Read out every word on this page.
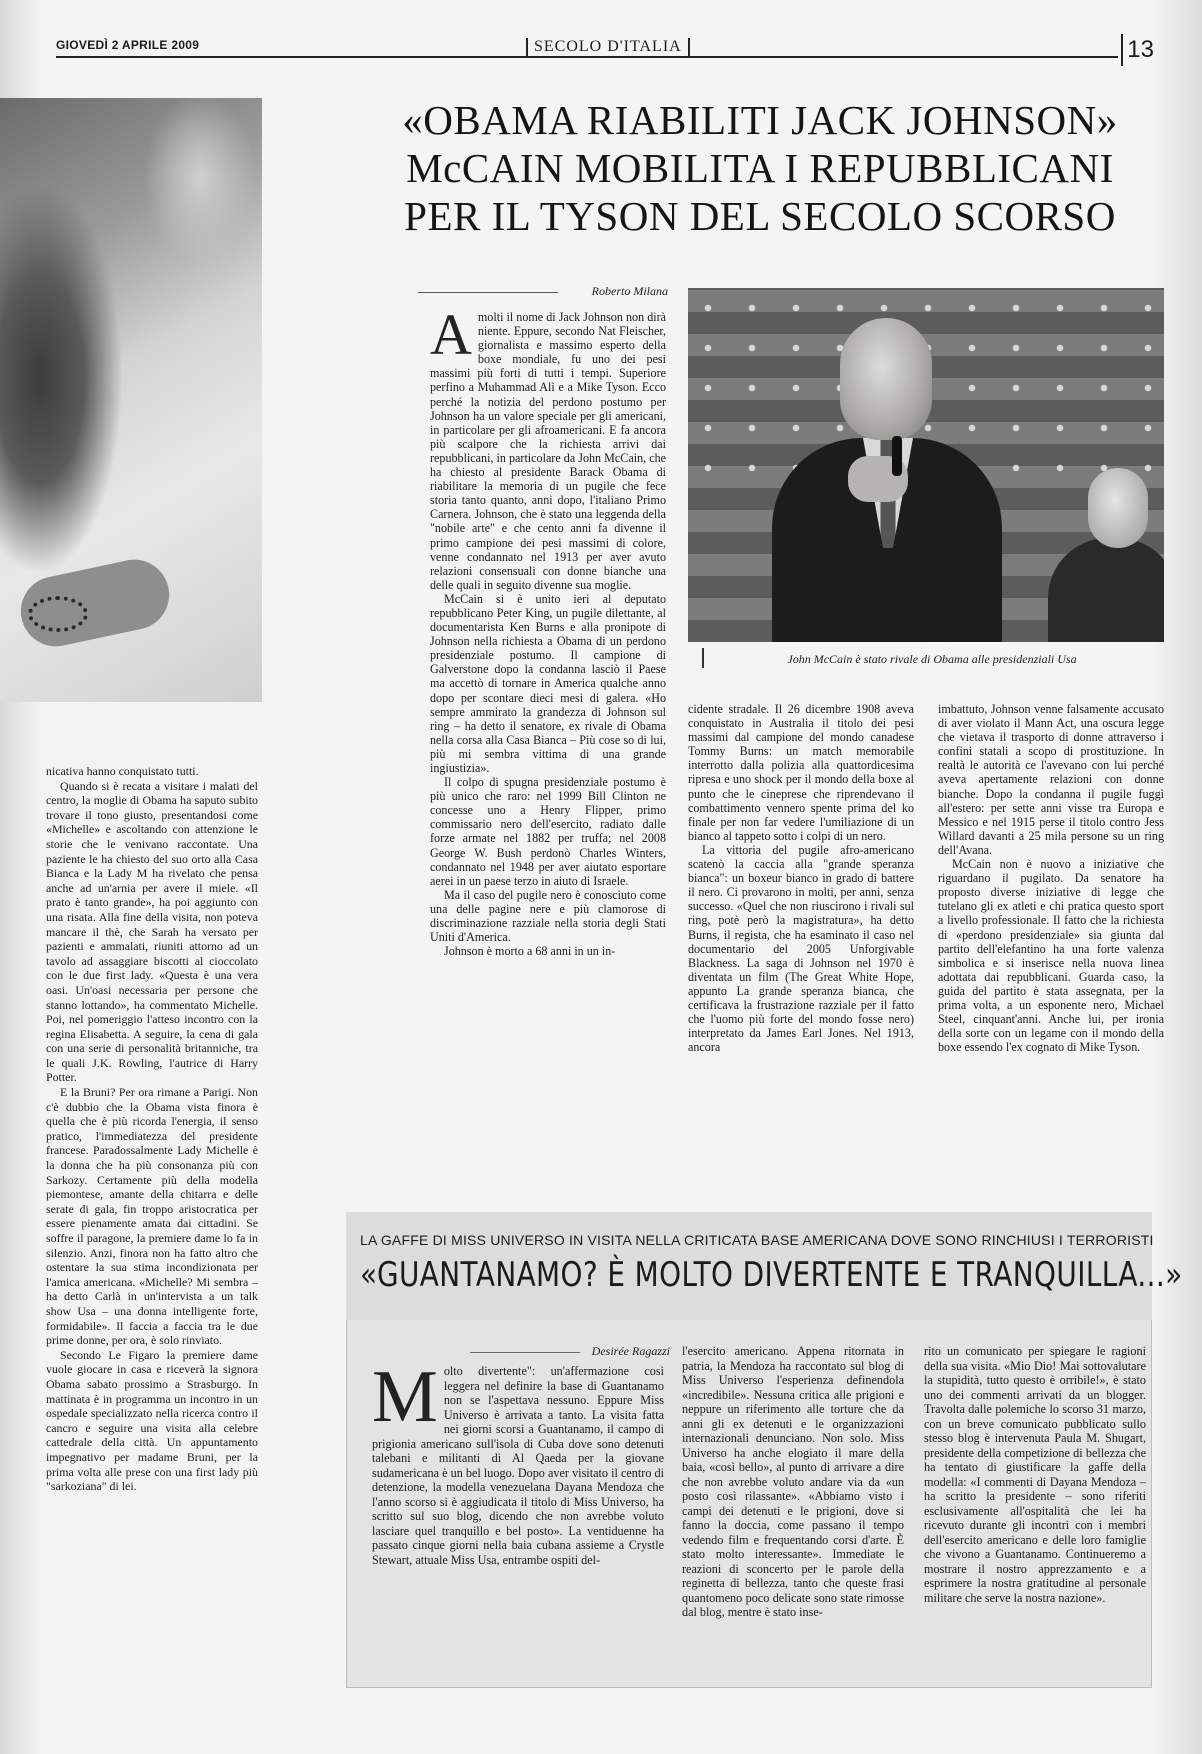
GIOVEDÌ 2 APRILE 2009	SECOLO D'ITALIA	13
«OBAMA RIABILITI JACK JOHNSON»
McCAIN MOBILITA I REPUBBLICANI
PER IL TYSON DEL SECOLO SCORSO
Roberto Milana

Amolti il nome di Jack Johnson non dirà niente. Eppure, secondo Nat Fleischer, giornalista e massimo esperto della boxe mondiale, fu uno dei pesi massimi più forti di tutti i tempi. Superiore perfino a Muhammad Alì e a Mike Tyson. Ecco perché la notizia del perdono postumo per Johnson ha un valore speciale per gli americani, in particolare per gli afroamericani. E fa ancora più scalpore che la richiesta arrivi dai repubblicani, in particolare da John McCain, che ha chiesto al presidente Barack Obama di riabilitare la memoria di un pugile che fece storia tanto quanto, anni dopo, l'italiano Primo Carnera. Johnson, che è stato una leggenda della "nobile arte" e che cento anni fa divenne il primo campione dei pesi massimi di colore, venne condannato nel 1913 per aver avuto relazioni consensuali con donne bianche una delle quali in seguito divenne sua moglie.

McCain si è unito ieri al deputato repubblicano Peter King, un pugile dilettante, al documentarista Ken Burns e alla pronipote di Johnson nella richiesta a Obama di un perdono presidenziale postumo. Il campione di Galverstone dopo la condanna lasciò il Paese ma accettò di tornare in America qualche anno dopo per scontare dieci mesi di galera. «Ho sempre ammirato la grandezza di Johnson sul ring – ha detto il senatore, ex rivale di Obama nella corsa alla Casa Bianca – Più cose so di lui, più mi sembra vittima di una grande ingiustizia».

Il colpo di spugna presidenziale postumo è più unico che raro: nel 1999 Bill Clinton ne concesse uno a Henry Flipper, primo commissario nero dell'esercito, radiato dalle forze armate nel 1882 per truffa; nel 2008 George W. Bush perdonò Charles Winters, condannato nel 1948 per aver aiutato esportare aerei in un paese terzo in aiuto di Israele.

Ma il caso del pugile nero è conosciuto come una delle pagine nere e più clamorose di discriminazione razziale nella storia degli Stati Uniti d'America.

Johnson è morto a 68 anni in un in-

John McCain è stato rivale di Obama alle presidenziali Usa

cidente stradale. Il 26 dicembre 1908 aveva conquistato in Australia il titolo dei pesi massimi dal campione del mondo canadese Tommy Burns: un match memorabile interrotto dalla polizia alla quattordicesima ripresa e uno shock per il mondo della boxe al punto che le cineprese che riprendevano il combattimento vennero spente prima del ko finale per non far vedere l'umiliazione di un bianco al tappeto sotto i colpi di un nero.

La vittoria del pugile afro-americano scatenò la caccia alla "grande speranza bianca": un boxeur bianco in grado di battere il nero. Ci provarono in molti, per anni, senza successo. «Quel che non riuscirono i rivali sul ring, potè però la magistratura», ha detto Burns, il regista, che ha esaminato il caso nel documentario del 2005 Unforgivable Blackness. La saga di Johnson nel 1970 è diventata un film (The Great White Hope, appunto La grande speranza bianca, che certificava la frustrazione razziale per il fatto che l'uomo più forte del mondo fosse nero) interpretato da James Earl Jones. Nel 1913, ancora

imbattuto, Johnson venne falsamente accusato di aver violato il Mann Act, una oscura legge che vietava il trasporto di donne attraverso i confini statali a scopo di prostituzione. In realtà le autorità ce l'avevano con lui perché aveva apertamente relazioni con donne bianche. Dopo la condanna il pugile fuggì all'estero: per sette anni visse tra Europa e Messico e nel 1915 perse il titolo contro Jess Willard davanti a 25 mila persone su un ring dell'Avana.

McCain non è nuovo a iniziative che riguardano il pugilato. Da senatore ha proposto diverse iniziative di legge che tutelano gli ex atleti e chi pratica questo sport a livello professionale. Il fatto che la richiesta di «perdono presidenziale» sia giunta dal partito dell'elefantino ha una forte valenza simbolica e si inserisce nella nuova linea adottata dai repubblicani. Guarda caso, la guida del partito è stata assegnata, per la prima volta, a un esponente nero, Michael Steel, cinquant'anni. Anche lui, per ironia della sorte con un legame con il mondo della boxe essendo l'ex cognato di Mike Tyson.

nicativa hanno conquistato tutti.

Quando si è recata a visitare i malati del centro, la moglie di Obama ha saputo subito trovare il tono giusto, presentandosi come «Michelle» e ascoltando con attenzione le storie che le venivano raccontate. Una paziente le ha chiesto del suo orto alla Casa Bianca e la Lady M ha rivelato che pensa anche ad un'arnia per avere il miele. «Il prato è tanto grande», ha poi aggiunto con una risata. Alla fine della visita, non poteva mancare il thè, che Sarah ha versato per pazienti e ammalati, riuniti attorno ad un tavolo ad assaggiare biscotti al cioccolato con le due first lady. «Questa è una vera oasi. Un'oasi necessaria per persone che stanno lottando», ha commentato Michelle. Poi, nel pomeriggio l'atteso incontro con la regina Elisabetta. A seguire, la cena di gala con una serie di personalità britanniche, tra le quali J.K. Rowling, l'autrice di Harry Potter.

E la Bruni? Per ora rimane a Parigi. Non c'è dubbio che la Obama vista finora è quella che è più ricorda l'energia, il senso pratico, l'immediatezza del presidente francese. Paradossalmente Lady Michelle è la donna che ha più consonanza più con Sarkozy. Certamente più della modella piemontese, amante della chitarra e delle serate di gala, fin troppo aristocratica per essere pienamente amata dai cittadini. Se soffre il paragone, la premiere dame lo fa in silenzio. Anzi, finora non ha fatto altro che ostentare la sua stima incondizionata per l'amica americana. «Michelle? Mi sembra – ha detto Carlà in un'intervista a un talk show Usa – una donna intelligente forte, formidabile». Il faccia a faccia tra le due prime donne, per ora, è solo rinviato.

Secondo Le Figaro la premiere dame vuole giocare in casa e riceverà la signora Obama sabato prossimo a Strasburgo. In mattinata è in programma un incontro in un ospedale specializzato nella ricerca contro il cancro e seguire una visita alla celebre cattedrale della città. Un appuntamento impegnativo per madame Bruni, per la prima volta alle prese con una first lady più "sarkoziana" di lei.

LA GAFFE DI MISS UNIVERSO IN VISITA NELLA CRITICATA BASE AMERICANA DOVE SONO RINCHIUSI I TERRORISTI
«GUANTANAMO? È MOLTO DIVERTENTE E TRANQUILLA...»
Desirée Ragazzi

Molto divertente": un'affermazione così leggera nel definire la base di Guantanamo non se l'aspettava nessuno. Eppure Miss Universo è arrivata a tanto. La visita fatta nei giorni scorsi a Guantanamo, il campo di prigionia americano sull'isola di Cuba dove sono detenuti talebani e militanti di Al Qaeda per la giovane sudamericana è un bel luogo. Dopo aver visitato il centro di detenzione, la modella venezuelana Dayana Mendoza che l'anno scorso si è aggiudicata il titolo di Miss Universo, ha scritto sul suo blog, dicendo che non avrebbe voluto lasciare quel tranquillo e bel posto». La ventiduenne ha passato cinque giorni nella baia cubana assieme a Crystle Stewart, attuale Miss Usa, entrambe ospiti del-

l'esercito americano. Appena ritornata in patria, la Mendoza ha raccontato sul blog di Miss Universo l'esperienza definendola «incredibile». Nessuna critica alle prigioni e neppure un riferimento alle torture che da anni gli ex detenuti e le organizzazioni internazionali denunciano. Non solo. Miss Universo ha anche elogiato il mare della baia, «così bello», al punto di arrivare a dire che non avrebbe voluto andare via da «un posto così rilassante». «Abbiamo visto i campi dei detenuti e le prigioni, dove si fanno la doccia, come passano il tempo vedendo film e frequentando corsi d'arte. È stato molto interessante». Immediate le reazioni di sconcerto per le parole della reginetta di bellezza, tanto che queste frasi quantomeno poco delicate sono state rimosse dal blog, mentre è stato inse-

rito un comunicato per spiegare le ragioni della sua visita. «Mio Dio! Mai sottovalutare la stupidità, tutto questo è orribile!», è stato uno dei commenti arrivati da un blogger. Travolta dalle polemiche lo scorso 31 marzo, con un breve comunicato pubblicato sullo stesso blog è intervenuta Paula M. Shugart, presidente della competizione di bellezza che ha tentato di giustificare la gaffe della modella: «I commenti di Dayana Mendoza – ha scritto la presidente – sono riferiti esclusivamente all'ospitalità che lei ha ricevuto durante gli incontri con i membri dell'esercito americano e delle loro famiglie che vivono a Guantanamo. Continueremo a mostrare il nostro apprezzamento e a esprimere la nostra gratitudine al personale militare che serve la nostra nazione».
